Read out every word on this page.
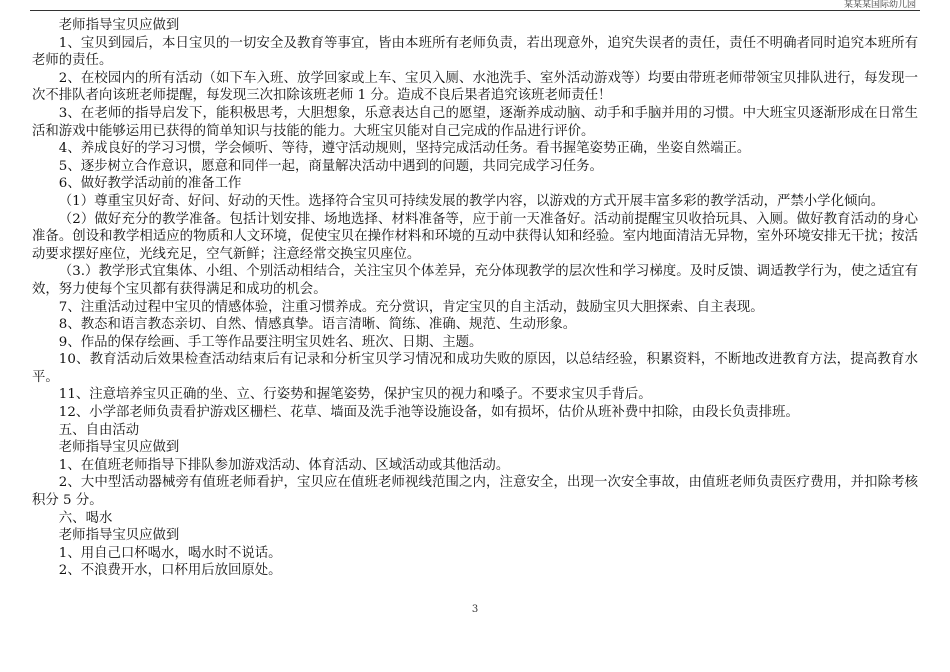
某某某国际幼儿园

老师指导宝贝应做到

1、宝贝到园后，本日宝贝的一切安全及教育等事宜，皆由本班所有老师负责，若出现意外，追究失误者的责任，责任不明确者同时追究本班所有老师的责任。

2、在校园内的所有活动（如下车入班、放学回家或上车、宝贝入厕、水池洗手、室外活动游戏等）均要由带班老师带领宝贝排队进行，每发现一次不排队者向该班老师提醒，每发现三次扣除该班老师 1 分。造成不良后果者追究该班老师责任！

3、在老师的指导启发下，能积极思考，大胆想象，乐意表达自己的愿望，逐渐养成动脑、动手和手脑并用的习惯。中大班宝贝逐渐形成在日常生活和游戏中能够运用已获得的简单知识与技能的能力。大班宝贝能对自己完成的作品进行评价。

4、养成良好的学习习惯，学会倾听、等待，遵守活动规则，坚持完成活动任务。看书握笔姿势正确，坐姿自然端正。

5、逐步树立合作意识，愿意和同伴一起，商量解决活动中遇到的问题，共同完成学习任务。

6、做好教学活动前的准备工作

（1）尊重宝贝好奇、好问、好动的天性。选择符合宝贝可持续发展的教学内容，以游戏的方式开展丰富多彩的教学活动，严禁小学化倾向。

（2）做好充分的教学准备。包括计划安排、场地选择、材料准备等，应于前一天准备好。活动前提醒宝贝收拾玩具、入厕。做好教育活动的身心准备。创设和教学相适应的物质和人文环境，促使宝贝在操作材料和环境的互动中获得认知和经验。室内地面清洁无异物，室外环境安排无干扰；按活动要求摆好座位，光线充足，空气新鲜；注意经常交换宝贝座位。

（3.）教学形式宜集体、小组、个别活动相结合，关注宝贝个体差异，充分体现教学的层次性和学习梯度。及时反馈、调适教学行为，使之适宜有效，努力使每个宝贝都有获得满足和成功的机会。

7、注重活动过程中宝贝的情感体验，注重习惯养成。充分赏识，肯定宝贝的自主活动，鼓励宝贝大胆探索、自主表现。

8、教态和语言教态亲切、自然、情感真挚。语言清晰、简练、准确、规范、生动形象。

9、作品的保存绘画、手工等作品要注明宝贝姓名、班次、日期、主题。

10、教育活动后效果检查活动结束后有记录和分析宝贝学习情况和成功失败的原因，以总结经验，积累资料，不断地改进教育方法，提高教育水平。

11、注意培养宝贝正确的坐、立、行姿势和握笔姿势，保护宝贝的视力和嗓子。不要求宝贝手背后。

12、小学部老师负责看护游戏区栅栏、花草、墙面及洗手池等设施设备，如有损坏，估价从班补费中扣除，由段长负责排班。

五、自由活动

老师指导宝贝应做到

1、在值班老师指导下排队参加游戏活动、体育活动、区域活动或其他活动。

2、大中型活动器械旁有值班老师看护，宝贝应在值班老师视线范围之内，注意安全，出现一次安全事故，由值班老师负责医疗费用，并扣除考核积分 5 分。

六、喝水

老师指导宝贝应做到

1、用自己口杯喝水，喝水时不说话。

2、不浪费开水，口杯用后放回原处。

3
